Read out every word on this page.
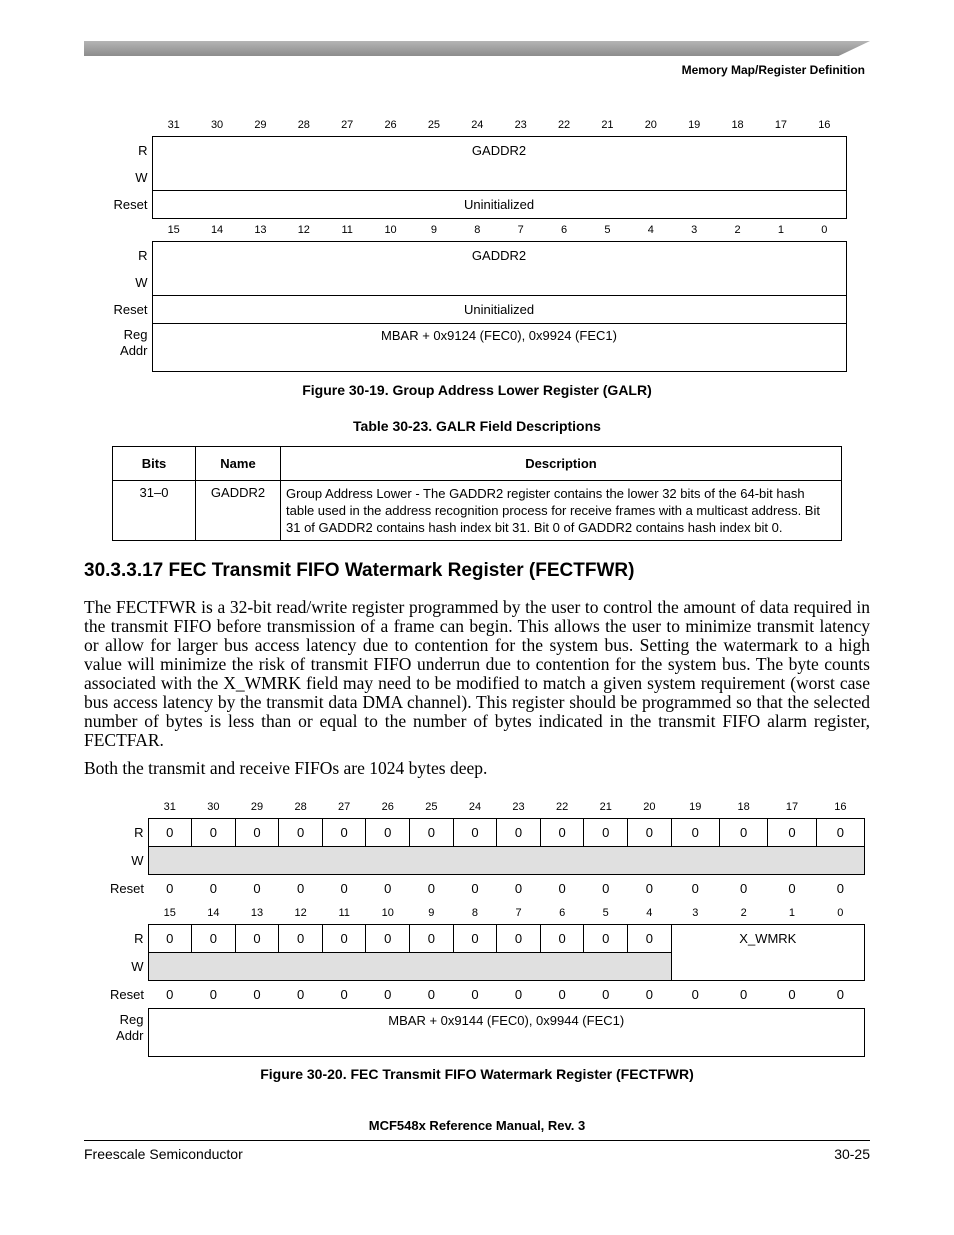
Memory Map/Register Definition
	31	30	29	28	27	26	25	24	23	22	21	20	19	18	17	16
R	GADDR2															
W																
Reset	Uninitialized															
	15	14	13	12	11	10	9	8	7	6	5	4	3	2	1	0
R	GADDR2															
W																
Reset	Uninitialized															
Reg
Addr	MBAR + 0x9124 (FEC0), 0x9924 (FEC1)															
Figure 30-19. Group Address Lower Register (GALR)
Table 30-23. GALR Field Descriptions
Bits	Name	Description
31–0	GADDR2	Group Address Lower - The GADDR2 register contains the lower 32 bits of the 64-bit hash table used in the address recognition process for receive frames with a multicast address. Bit 31 of GADDR2 contains hash index bit 31. Bit 0 of GADDR2 contains hash index bit 0.
30.3.3.17 FEC Transmit FIFO Watermark Register (FECTFWR)

The FECTFWR is a 32-bit read/write register programmed by the user to control the amount of data required in the transmit FIFO before transmission of a frame can begin. This allows the user to minimize transmit latency or allow for larger bus access latency due to contention for the system bus. Setting the watermark to a high value will minimize the risk of transmit FIFO underrun due to contention for the system bus. The byte counts associated with the X_WMRK field may need to be modified to match a given system requirement (worst case bus access latency by the transmit data DMA channel). This register should be programmed so that the selected number of bytes is less than or equal to the number of bytes indicated in the transmit FIFO alarm register, FECTFAR.

Both the transmit and receive FIFOs are 1024 bytes deep.

	31	30	29	28	27	26	25	24	23	22	21	20	19	18	17	16
R	0	0	0	0	0	0	0	0	0	0	0	0	0	0	0	0
W																
Reset	0	0	0	0	0	0	0	0	0	0	0	0	0	0	0	0
	15	14	13	12	11	10	9	8	7	6	5	4	3	2	1	0
R	0	0	0	0	0	0	0	0	0	0	0	0	X_WMRK			
W																
Reset	0	0	0	0	0	0	0	0	0	0	0	0	0	0	0	0
Reg
Addr	MBAR + 0x9144 (FEC0), 0x9944 (FEC1)															
Figure 30-20. FEC Transmit FIFO Watermark Register (FECTFWR)
MCF548x Reference Manual, Rev. 3
Freescale Semiconductor	30-25
